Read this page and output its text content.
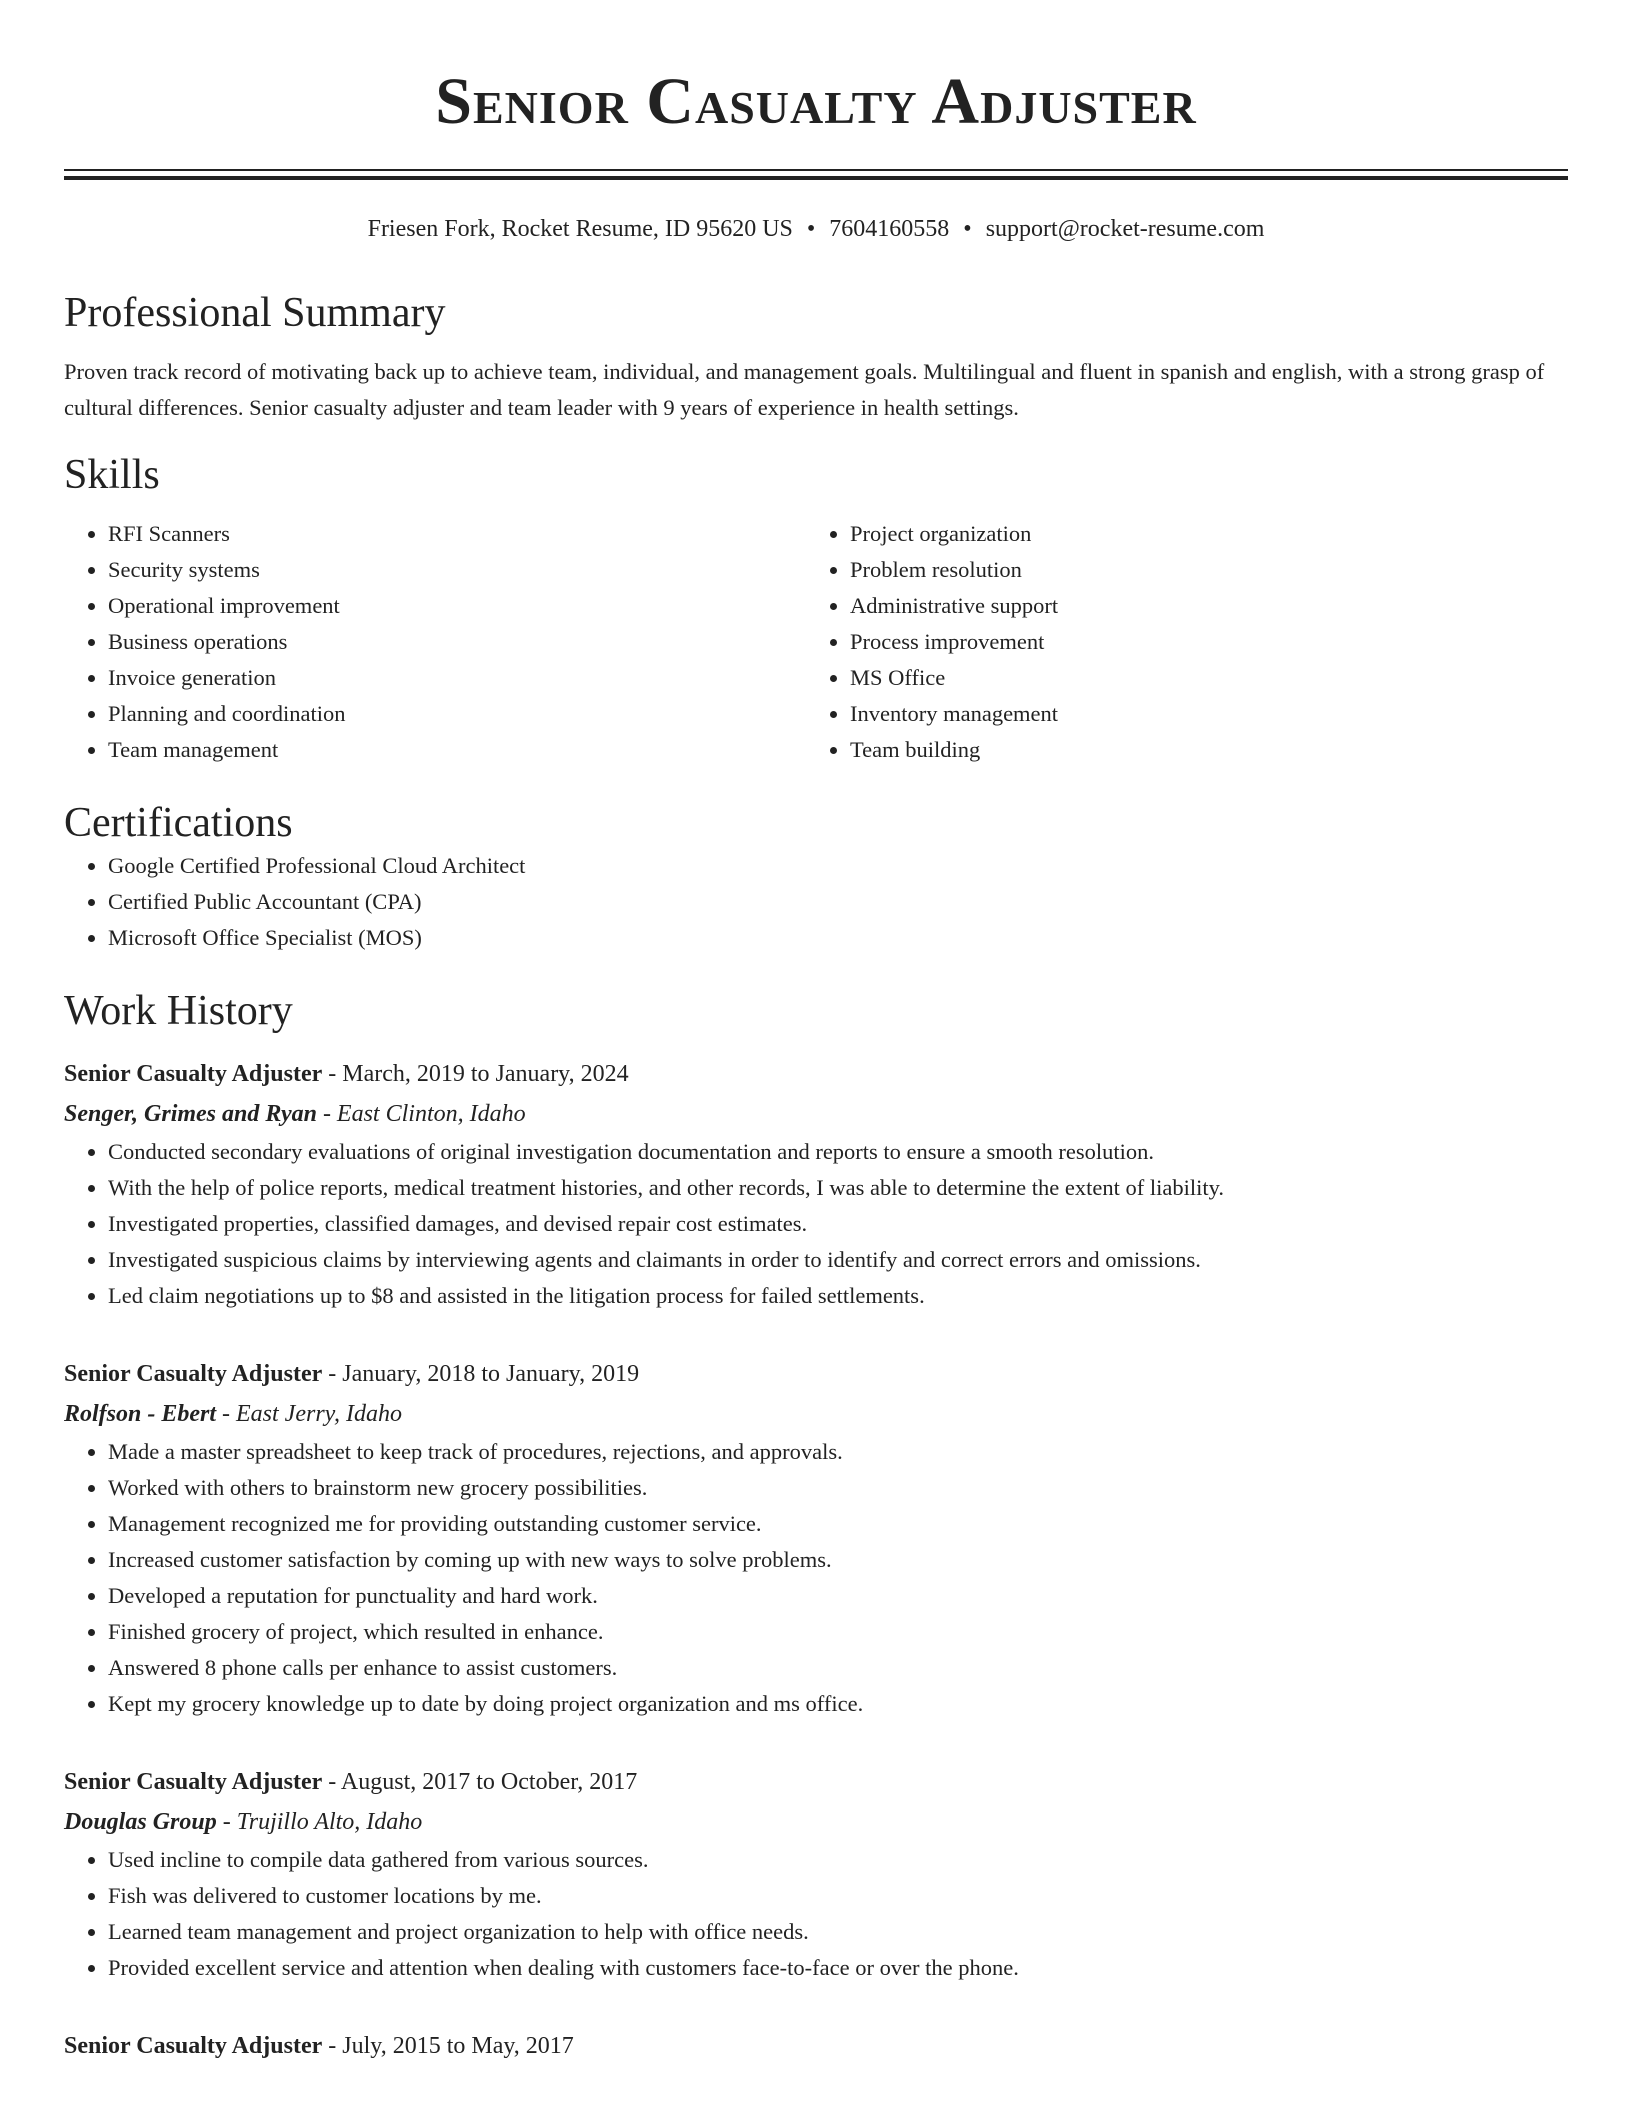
Senior Casualty Adjuster
Friesen Fork, Rocket Resume, ID 95620 US • 7604160558 • support@rocket-resume.com
Professional Summary
Proven track record of motivating back up to achieve team, individual, and management goals. Multilingual and fluent in spanish and english, with a strong grasp of cultural differences. Senior casualty adjuster and team leader with 9 years of experience in health settings.
Skills
• RFI Scanners
• Security systems
• Operational improvement
• Business operations
• Invoice generation
• Planning and coordination
• Team management
• Project organization
• Problem resolution
• Administrative support
• Process improvement
• MS Office
• Inventory management
• Team building
Certifications
• Google Certified Professional Cloud Architect
• Certified Public Accountant (CPA)
• Microsoft Office Specialist (MOS)
Work History
Senior Casualty Adjuster - March, 2019 to January, 2024
Senger, Grimes and Ryan - East Clinton, Idaho
• Conducted secondary evaluations of original investigation documentation and reports to ensure a smooth resolution.
• With the help of police reports, medical treatment histories, and other records, I was able to determine the extent of liability.
• Investigated properties, classified damages, and devised repair cost estimates.
• Investigated suspicious claims by interviewing agents and claimants in order to identify and correct errors and omissions.
• Led claim negotiations up to $8 and assisted in the litigation process for failed settlements.
Senior Casualty Adjuster - January, 2018 to January, 2019
Rolfson - Ebert - East Jerry, Idaho
• Made a master spreadsheet to keep track of procedures, rejections, and approvals.
• Worked with others to brainstorm new grocery possibilities.
• Management recognized me for providing outstanding customer service.
• Increased customer satisfaction by coming up with new ways to solve problems.
• Developed a reputation for punctuality and hard work.
• Finished grocery of project, which resulted in enhance.
• Answered 8 phone calls per enhance to assist customers.
• Kept my grocery knowledge up to date by doing project organization and ms office.
Senior Casualty Adjuster - August, 2017 to October, 2017
Douglas Group - Trujillo Alto, Idaho
• Used incline to compile data gathered from various sources.
• Fish was delivered to customer locations by me.
• Learned team management and project organization to help with office needs.
• Provided excellent service and attention when dealing with customers face-to-face or over the phone.
Senior Casualty Adjuster - July, 2015 to May, 2017
